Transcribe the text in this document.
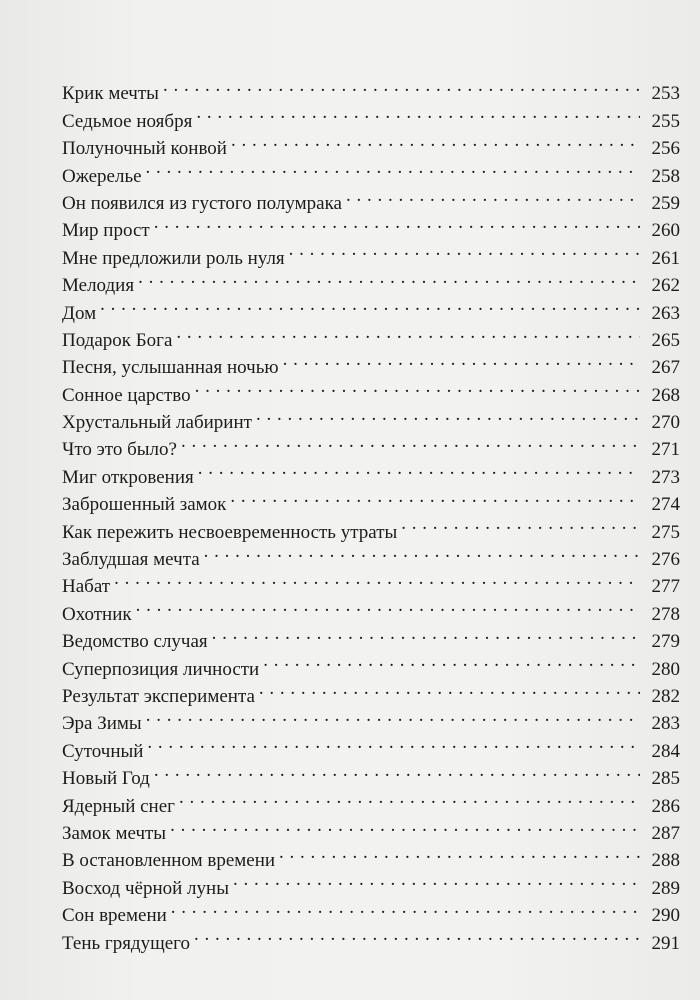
Крик мечты . . .	253
Седьмое ноября . . .	255
Полуночный конвой . . .	256
Ожерелье . . .	258
Он появился из густого полумрака . . .	259
Мир прост . . .	260
Мне предложили роль нуля . . .	261
Мелодия . . .	262
Дом . . .	263
Подарок Бога . . .	265
Песня, услышанная ночью . . .	267
Сонное царство . . .	268
Хрустальный лабиринт . . .	270
Что это было? . . .	271
Миг откровения . . .	273
Заброшенный замок . . .	274
Как пережить несвоевременность утраты . . .	275
Заблудшая мечта . . .	276
Набат . . .	277
Охотник . . .	278
Ведомство случая . . .	279
Суперпозиция личности . . .	280
Результат эксперимента . . .	282
Эра Зимы . . .	283
Суточный . . .	284
Новый Год . . .	285
Ядерный снег . . .	286
Замок мечты . . .	287
В остановленном времени . . .	288
Восход чёрной луны . . .	289
Сон времени . . .	290
Тень грядущего . . .	291
